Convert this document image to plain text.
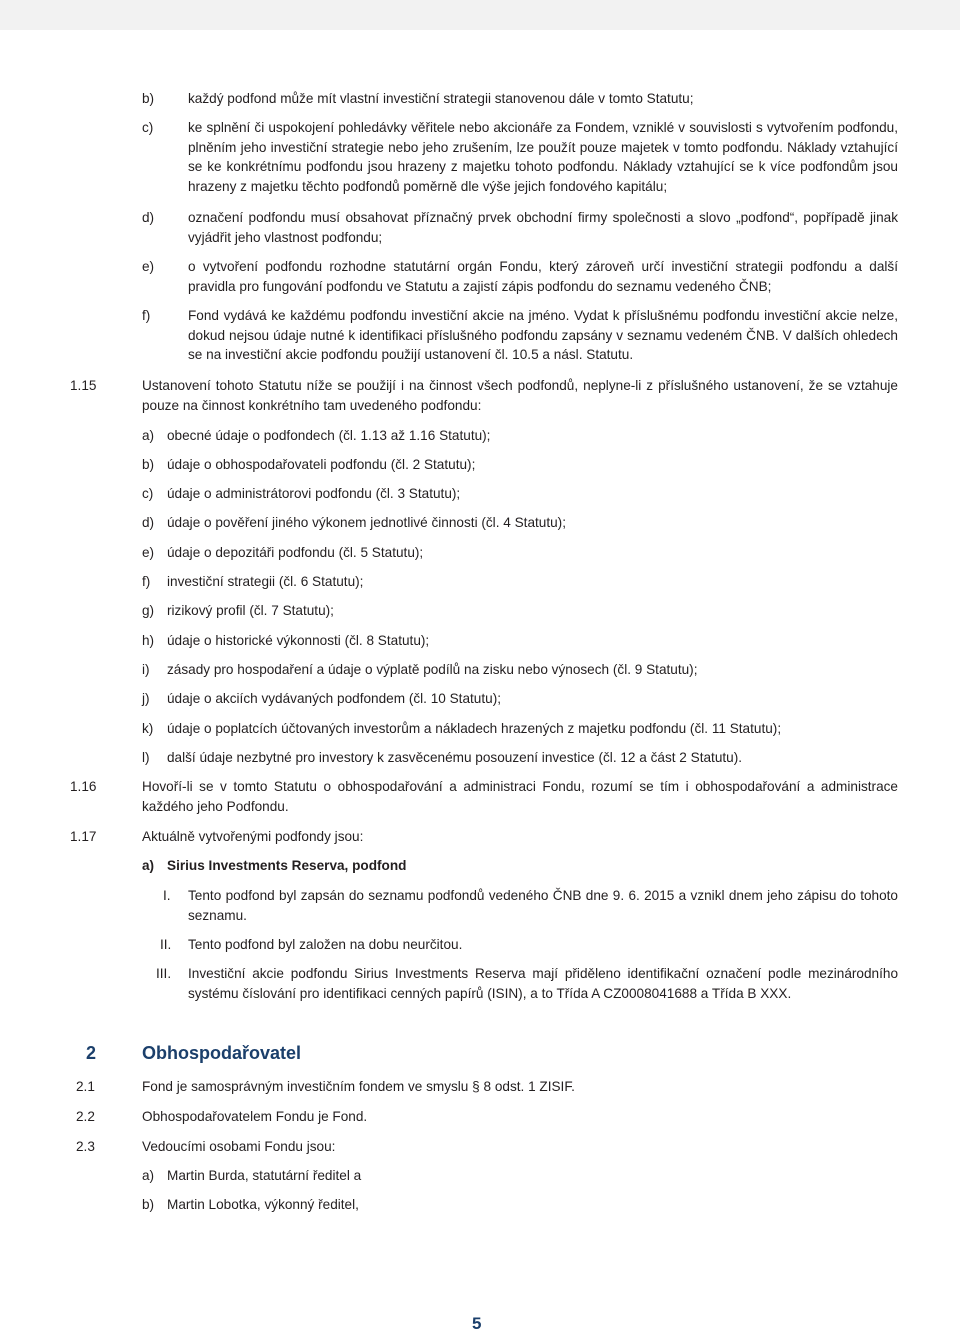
b) každý podfond může mít vlastní investiční strategii stanovenou dále v tomto Statutu;
c)	ke splnění či uspokojení pohledávky věřitele nebo akcionáře za Fondem, vzniklé v souvislosti s vytvořením podfondu, plněním jeho investiční strategie nebo jeho zrušením, lze použít pouze majetek v tomto podfondu. Náklady vztahující se ke konkrétnímu podfondu jsou hrazeny z majetku tohoto podfondu. Náklady vztahující se k více podfondům jsou hrazeny z majetku těchto podfondů poměrně dle výše jejich fondového kapitálu;
d) označení podfondu musí obsahovat příznačný prvek obchodní firmy společnosti a slovo „podfond“, popřípadě jinak vyjádřit jeho vlastnost podfondu;
e) o vytvoření podfondu rozhodne statutární orgán Fondu, který zároveň určí investiční strategii podfondu a další pravidla pro fungování podfondu ve Statutu a zajistí zápis podfondu do seznamu vedeného ČNB;
f)	Fond vydává ke každému podfondu investiční akcie na jméno. Vydat k příslušnému podfondu investiční akcie nelze, dokud nejsou údaje nutné k identifikaci příslušného podfondu zapsány v seznamu vedeném ČNB. V dalších ohledech se na investiční akcie podfondu použijí ustanovení čl. 10.5 a násl. Statutu.
1.15	Ustanovení tohoto Statutu níže se použijí i na činnost všech podfondů, neplyne-li z příslušného ustanovení, že se vztahuje pouze na činnost konkrétního tam uvedeného podfondu:
a) obecné údaje o podfondech (čl. 1.13 až 1.16 Statutu);
b) údaje o obhospodařovateli podfondu (čl. 2 Statutu);
c) údaje o administrátorovi podfondu (čl. 3 Statutu);
d) údaje o pověření jiného výkonem jednotlivé činnosti (čl. 4 Statutu);
e) údaje o depozitáři podfondu (čl. 5 Statutu);
f) investiční strategii (čl. 6 Statutu);
g) rizikový profil (čl. 7 Statutu);
h) údaje o historické výkonnosti (čl. 8 Statutu);
i) zásady pro hospodaření a údaje o výplatě podílů na zisku nebo výnosech (čl. 9 Statutu);
j) údaje o akciích vydávaných podfondem (čl. 10 Statutu);
k) údaje o poplatcích účtovaných investorům a nákladech hrazených z majetku podfondu (čl. 11 Statutu);
l) další údaje nezbytné pro investory k zasvěcenému posouzení investice (čl. 12 a část 2 Statutu).
1.16	Hovoří-li se v tomto Statutu o obhospodařování a administraci Fondu, rozumí se tím i obhospodařování a administrace každého jeho Podfondu.
1.17	Aktuálně vytvořenými podfondy jsou:
a) Sirius Investments Reserva, podfond
I. Tento podfond byl zapsán do seznamu podfondů vedeného ČNB dne 9. 6. 2015 a vznikl dnem jeho zápisu do tohoto seznamu.
II. Tento podfond byl založen na dobu neurčitou.
III. Investiční akcie podfondu Sirius Investments Reserva mají přiděleno identifikační označení podle mezinárodního systému číslování pro identifikaci cenných papírů (ISIN), a to Třída A CZ0008041688 a Třída B XXX.
2	Obhospodařovatel
2.1	Fond je samosprávným investičním fondem ve smyslu § 8 odst. 1 ZISIF.
2.2	Obhospodařovatelem Fondu je Fond.
2.3	Vedoucími osobami Fondu jsou:
a) Martin Burda, statutární ředitel a
b) Martin Lobotka, výkonný ředitel,
5
